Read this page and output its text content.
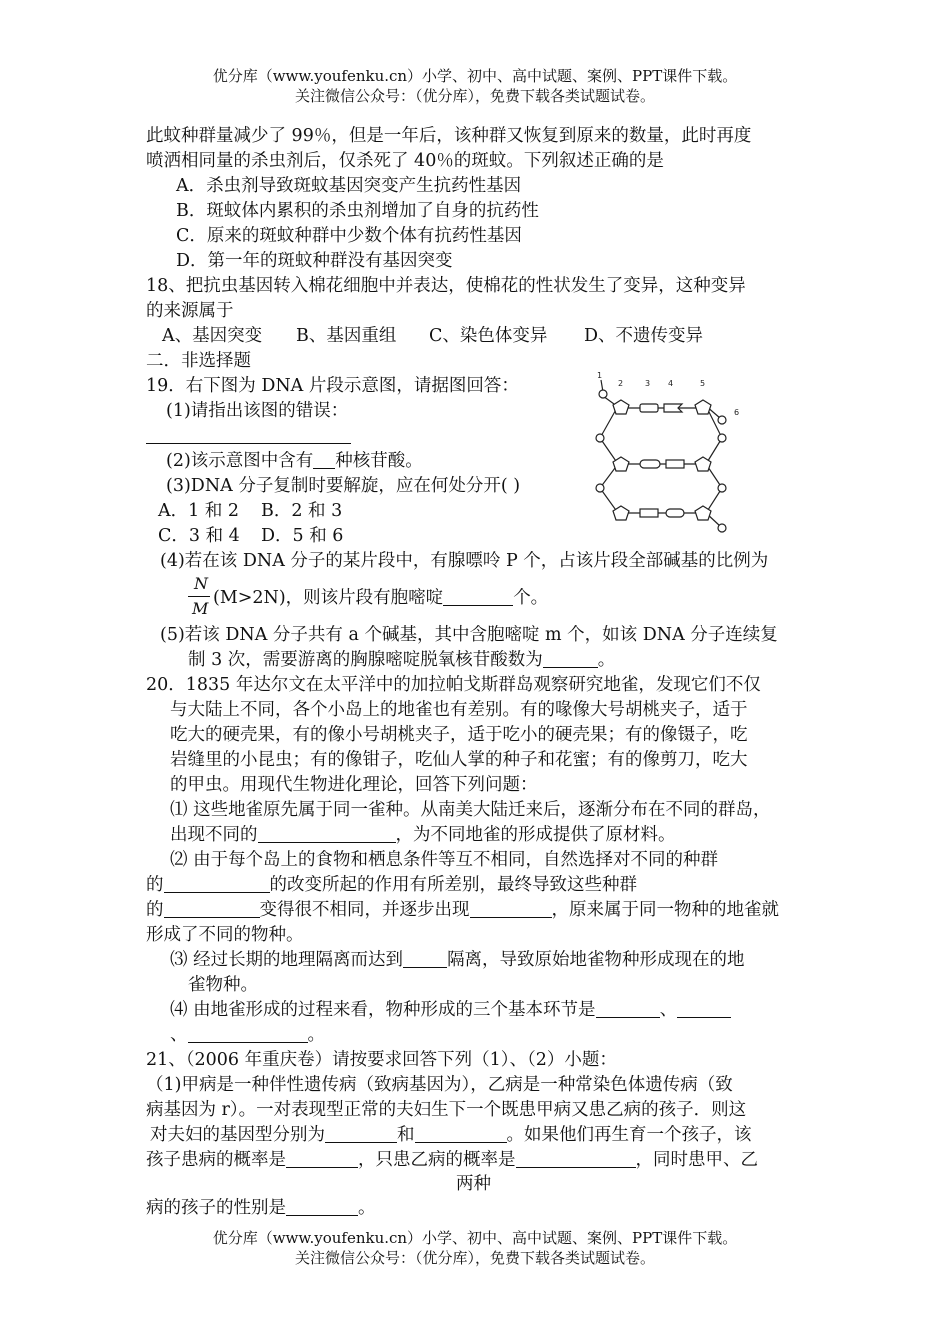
优分库（www.youfenku.cn）小学、初中、高中试题、案例、PPT课件下载。
关注微信公众号：（优分库），免费下载各类试题试卷。
此蚊种群量减少了 99％，但是一年后，该种群又恢复到原来的数量，此时再度
喷洒相同量的杀虫剂后，仅杀死了 40％的斑蚊。下列叙述正确的是
A．杀虫剂导致斑蚊基因突变产生抗药性基因
B．斑蚊体内累积的杀虫剂增加了自身的抗药性
C．原来的斑蚊种群中少数个体有抗药性基因
D．第一年的斑蚊种群没有基因突变
18、把抗虫基因转入棉花细胞中并表达，使棉花的性状发生了变异，这种变异
的来源属于
A、基因突变 B、基因重组 C、染色体变异 D、不遗传变异
二．非选择题
19．右下图为 DNA 片段示意图，请据图回答：
(1)请指出该图的错误：
(2)该示意图中含有 种核苷酸。
(3)DNA 分子复制时要解旋，应在何处分开( )
A．1 和 2 B．2 和 3
C．3 和 4 D．5 和 6
(4)若在该 DNA 分子的某片段中，有腺嘌呤 P 个，占该片段全部碱基的比例为
N
M
(M>2N)，则该片段有胞嘧啶	个。
(5)若该 DNA 分子共有 a 个碱基，其中含胞嘧啶 m 个，如该 DNA 分子连续复
制 3 次，需要游离的胸腺嘧啶脱氧核苷酸数为	。
1
2	3 4	5
6
20．1835 年达尔文在太平洋中的加拉帕戈斯群岛观察研究地雀，发现它们不仅
与大陆上不同，各个小岛上的地雀也有差别。有的喙像大号胡桃夹子，适于
吃大的硬壳果，有的像小号胡桃夹子，适于吃小的硬壳果；有的像镊子，吃
岩缝里的小昆虫；有的像钳子，吃仙人掌的种子和花蜜；有的像剪刀，吃大
的甲虫。用现代生物进化理论，回答下列问题：
⑴ 这些地雀原先属于同一雀种。从南美大陆迁来后，逐渐分布在不同的群岛，
出现不同的	，为不同地雀的形成提供了原材料。
⑵ 由于每个岛上的食物和栖息条件等互不相同，自然选择对不同的种群
的	的改变所起的作用有所差别，最终导致这些种群
的	变得很不相同，并逐步出现	，原来属于同一物种的地雀就
形成了不同的物种。
⑶ 经过长期的地理隔离而达到	隔离，导致原始地雀物种形成现在的地
雀物种。
⑷ 由地雀形成的过程来看，物种形成的三个基本环节是	、
、	。
21、（2006 年重庆卷）请按要求回答下列（1）、（2）小题：
（1)甲病是一种伴性遗传病（致病基因为），乙病是一种常染色体遗传病（致
病基因为 r）。一对表现型正常的夫妇生下一个既患甲病又患乙病的孩子．则这
对夫妇的基因型分别为	和	。如果他们再生育一个孩子，该
孩子患病的概率是	，只患乙病的概率是	，同时患甲、乙
两种
病的孩子的性别是	。
优分库（www.youfenku.cn）小学、初中、高中试题、案例、PPT课件下载。
关注微信公众号：（优分库），免费下载各类试题试卷。
